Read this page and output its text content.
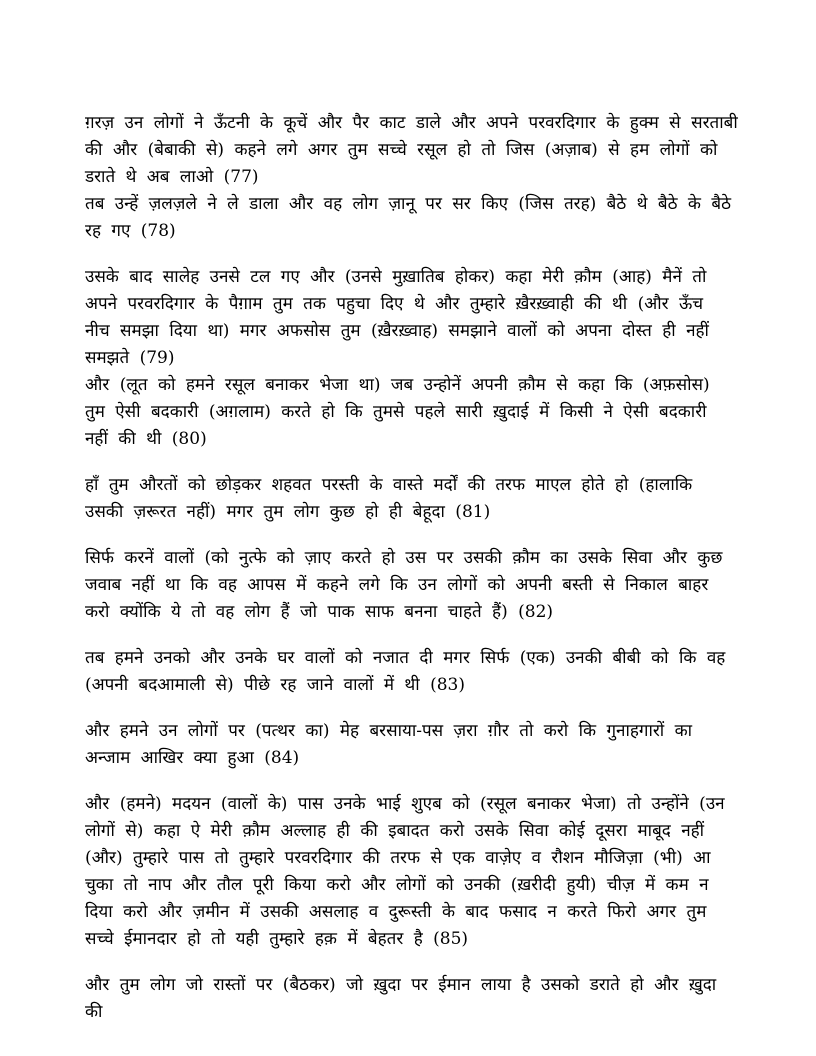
ग़रज़ उन लोगों ने ऊँटनी के कूचें और पैर काट डाले और अपने परवरदिगार के हुक्म से सरताबी की और (बेबाकी से) कहने लगे अगर तुम सच्चे रसूल हो तो जिस (अज़ाब) से हम लोगों को डराते थे अब लाओ (77)

तब उन्हें ज़लज़ले ने ले डाला और वह लोग ज़ानू पर सर किए (जिस तरह) बैठे थे बैठे के बैठे रह गए (78)

उसके बाद सालेह उनसे टल गए और (उनसे मुख़ातिब होकर) कहा मेरी क़ौम (आह) मैनें तो अपने परवरदिगार के पैग़ाम तुम तक पहुचा दिए थे और तुम्हारे ख़ैरख़्वाही की थी (और ऊँच नीच समझा दिया था) मगर अफसोस तुम (ख़ैरख़्वाह) समझाने वालों को अपना दोस्त ही नहीं समझते (79)

और (लूत को हमने रसूल बनाकर भेजा था) जब उन्होनें अपनी क़ौम से कहा कि (अफ़सोस) तुम ऐसी बदकारी (अग़लाम) करते हो कि तुमसे पहले सारी ख़ुदाई में किसी ने ऐसी बदकारी नहीं की थी (80)

हाँ तुम औरतों को छोड़कर शहवत परस्ती के वास्ते मर्दों की तरफ माएल होते हो (हालाकि उसकी ज़रूरत नहीं) मगर तुम लोग कुछ हो ही बेहूदा (81)

सिर्फ करनें वालों (को नुत्फे को ज़ाए करते हो उस पर उसकी क़ौम का उसके सिवा और कुछ जवाब नहीं था कि वह आपस में कहने लगे कि उन लोगों को अपनी बस्ती से निकाल बाहर करो क्योंकि ये तो वह लोग हैं जो पाक साफ बनना चाहते हैं) (82)

तब हमने उनको और उनके घर वालों को नजात दी मगर सिर्फ (एक) उनकी बीबी को कि वह (अपनी बदआमाली से) पीछे रह जाने वालों में थी (83)

और हमने उन लोगों पर (पत्थर का) मेह बरसाया-पस ज़रा ग़ौर तो करो कि गुनाहगारों का अन्जाम आखिर क्या हुआ (84)

और (हमने) मदयन (वालों के) पास उनके भाई शुएब को (रसूल बनाकर भेजा) तो उन्होंने (उन लोगों से) कहा ऐ मेरी क़ौम अल्लाह ही की इबादत करो उसके सिवा कोई दूसरा माबूद नहीं (और) तुम्हारे पास तो तुम्हारे परवरदिगार की तरफ से एक वाज़ेए व रौशन मौजिज़ा (भी) आ चुका तो नाप और तौल पूरी किया करो और लोगों को उनकी (ख़रीदी हुयी) चीज़ में कम न दिया करो और ज़मीन में उसकी असलाह व दुरूस्ती के बाद फसाद न करते फिरो अगर तुम सच्चे ईमानदार हो तो यही तुम्हारे हक़ में बेहतर है (85)

और तुम लोग जो रास्तों पर (बैठकर) जो ख़ुदा पर ईमान लाया है उसको डराते हो और ख़ुदा की
